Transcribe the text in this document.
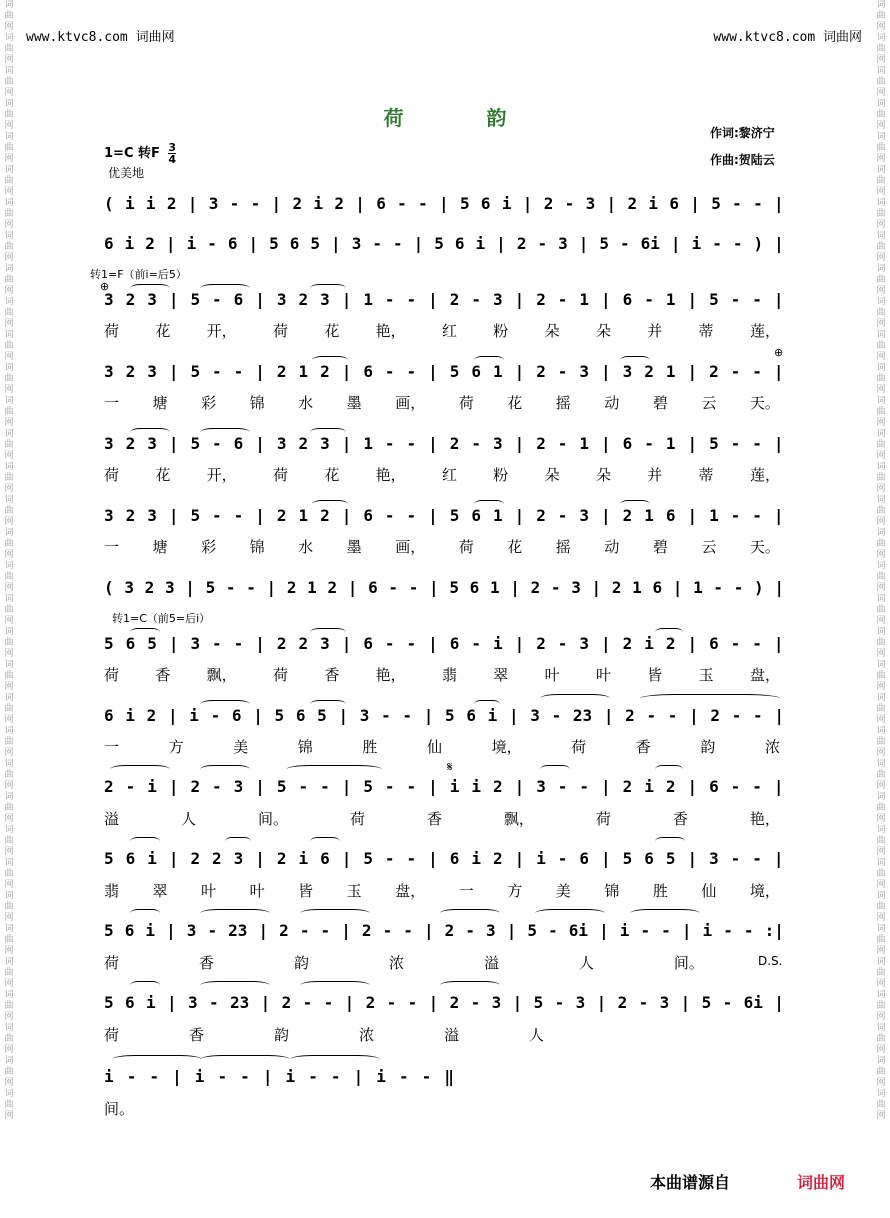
词曲网词曲网词曲网词曲网词曲网词曲网词曲网词曲网词曲网词曲网词曲网词曲网词曲网词曲网词曲网词曲网词曲网词曲网词曲网词曲网词曲网词曲网词曲网词曲网词曲网词曲网词曲网词曲网词曲网词曲网词曲网词曲网词曲网词曲网
词曲网词曲网词曲网词曲网词曲网词曲网词曲网词曲网词曲网词曲网词曲网词曲网词曲网词曲网词曲网词曲网词曲网词曲网词曲网词曲网词曲网词曲网词曲网词曲网词曲网词曲网词曲网词曲网词曲网词曲网词曲网词曲网词曲网词曲网
www.ktvc8.com 词曲网	www.ktvc8.com 词曲网
荷 韵
作词:黎济宁
作曲:贺陆云
1=C 转F $\frac{3}{4}$
优美地
转1=F（前i=后5）
⊕
⊕
转1=C（前5=后i）
𝄋
D.S.
( i i 2 | 3 - - | 2 i 2 | 6 - - | 5 6 i | 2 - 3 | 2 i 6 | 5 - - |
6 i 2 | i - 6 | 5 6 5 | 3 - - | 5 6 i | 2 - 3 | 5 - 6i | i - - ) |
3 2 3 | 5 - 6 | 3 2 3 | 1 - - | 2 - 3 | 2 - 1 | 6 - 1 | 5 - - |
荷 花 开， 荷 花 艳， 红 粉 朵 朵 并 蒂 莲，
3 2 3 | 5 - - | 2 1 2 | 6 - - | 5 6 1 | 2 - 3 | 3 2 1 | 2 - - |
一 塘 彩 锦 水 墨 画， 荷 花 摇 动 碧 云 天。
3 2 3 | 5 - 6 | 3 2 3 | 1 - - | 2 - 3 | 2 - 1 | 6 - 1 | 5 - - |
荷 花 开， 荷 花 艳， 红 粉 朵 朵 并 蒂 莲，
3 2 3 | 5 - - | 2 1 2 | 6 - - | 5 6 1 | 2 - 3 | 2 1 6 | 1 - - |
一 塘 彩 锦 水 墨 画， 荷 花 摇 动 碧 云 天。
( 3 2 3 | 5 - - | 2 1 2 | 6 - - | 5 6 1 | 2 - 3 | 2 1 6 | 1 - - ) |
5 6 5 | 3 - - | 2 2 3 | 6 - - | 6 - i | 2 - 3 | 2 i 2 | 6 - - |
荷 香 飘， 荷 香 艳， 翡 翠 叶 叶 皆 玉 盘，
6 i 2 | i - 6 | 5 6 5 | 3 - - | 5 6 i | 3 - 23 | 2 - - | 2 - - |
一	方	美	锦	胜	仙	境，	荷	香	韵	浓
2 - i | 2 - 3 | 5 - - | 5 - - | i i 2 | 3 - - | 2 i 2 | 6 - - |
溢	人	间。	荷	香	飘，	荷	香	艳，
5 6 i | 2 2 3 | 2 i 6 | 5 - - | 6 i 2 | i - 6 | 5 6 5 | 3 - - |
翡 翠 叶 叶 皆 玉 盘， 一 方 美 锦 胜 仙 境，
5 6 i | 3 - 23 | 2 - - | 2 - - | 2 - 3 | 5 - 6i | i - - | i - - :|
荷	香	韵	浓	溢	人	间。
5 6 i | 3 - 23 | 2 - - | 2 - - | 2 - 3 | 5 - 3 | 2 - 3 | 5 - 6i |
荷	香	韵	浓	溢	人
i - - | i - - | i - - | i - - ‖
间。
本曲谱源自	词曲网
